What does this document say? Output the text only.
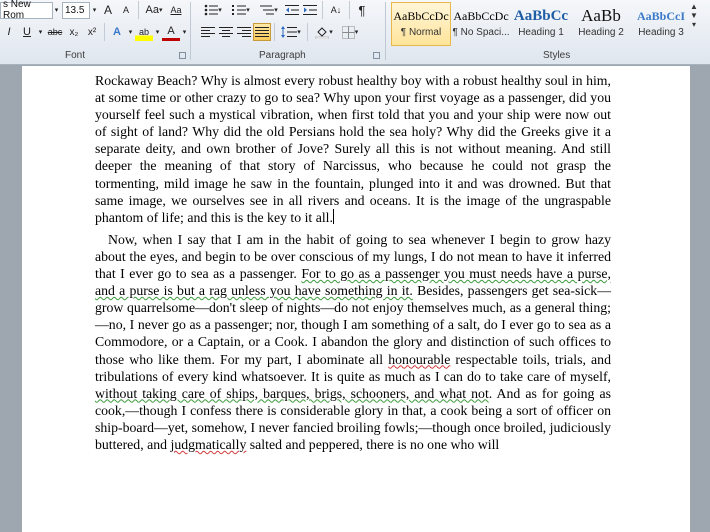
s New Rom	▾ 13.5	▾ A A Aa ▾ Aa
I	U	▾ abc x₂ x²	A	▾ ab ▾ A	▾
Font
▾	▾	▾	A↓	¶
▾	▾	▾
Paragraph
AaBbCcDc
¶ Normal
AaBbCcDc
¶ No Spaci...
AaBbCc
Heading 1
AaBb
Heading 2
AaBbCcI
Heading 3
▲
▼
▾
Styles

Rockaway Beach? Why is almost every robust healthy boy with a robust healthy soul in him, at some time or other crazy to go to sea? Why upon your first voyage as a passenger, did you yourself feel such a mystical vibration, when first told that you and your ship were now out of sight of land? Why did the old Persians hold the sea holy? Why did the Greeks give it a separate deity, and own brother of Jove? Surely all this is not without meaning. And still deeper the meaning of that story of Narcissus, who because he could not grasp the tormenting, mild image he saw in the fountain, plunged into it and was drowned. But that same image, we ourselves see in all rivers and oceans. It is the image of the ungraspable phantom of life; and this is the key to it all.

Now, when I say that I am in the habit of going to sea whenever I begin to grow hazy about the eyes, and begin to be over conscious of my lungs, I do not mean to have it inferred that I ever go to sea as a passenger. For to go as a passenger you must needs have a purse, and a purse is but a rag unless you have something in it. Besides, passengers get sea-sick—grow quarrelsome—don't sleep of nights—do not enjoy themselves much, as a general thing;—no, I never go as a passenger; nor, though I am something of a salt, do I ever go to sea as a Commodore, or a Captain, or a Cook. I abandon the glory and distinction of such offices to those who like them. For my part, I abominate all honourable respectable toils, trials, and tribulations of every kind whatsoever. It is quite as much as I can do to take care of myself, without taking care of ships, barques, brigs, schooners, and what not. And as for going as cook,—though I confess there is considerable glory in that, a cook being a sort of officer on ship-board—yet, somehow, I never fancied broiling fowls;—though once broiled, judiciously buttered, and judgmatically salted and peppered, there is no one who will
